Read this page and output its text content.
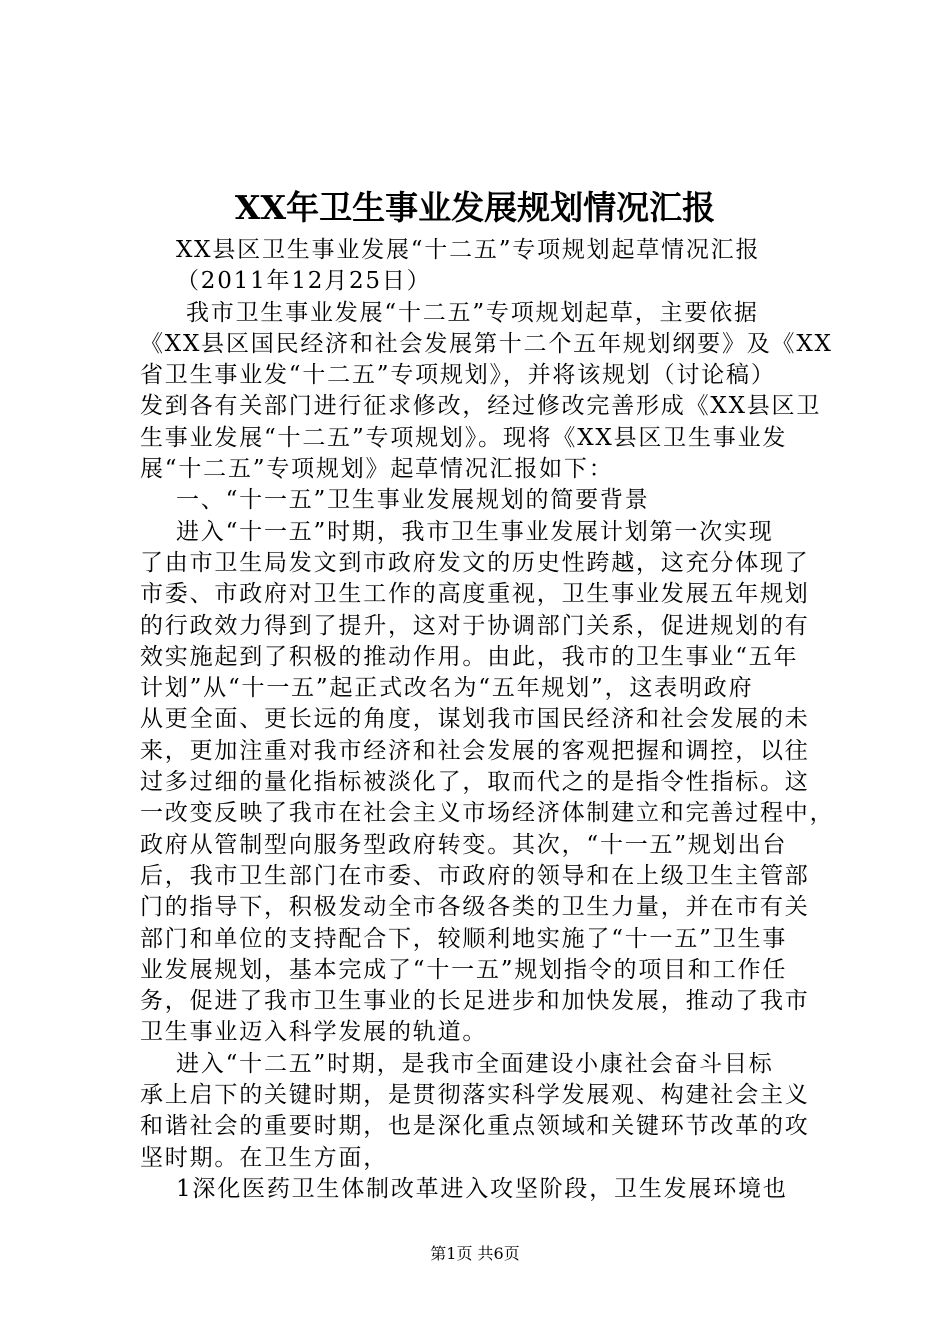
XX年卫生事业发展规划情况汇报
XX县区卫生事业发展“十二五”专项规划起草情况汇报
（2011年12月25日）
我市卫生事业发展“十二五”专项规划起草，主要依据
《XX县区国民经济和社会发展第十二个五年规划纲要》及《XX
省卫生事业发“十二五”专项规划》，并将该规划（讨论稿）
发到各有关部门进行征求修改，经过修改完善形成《XX县区卫
生事业发展“十二五”专项规划》。现将《XX县区卫生事业发
展“十二五”专项规划》起草情况汇报如下：
一、“十一五”卫生事业发展规划的简要背景
进入“十一五”时期，我市卫生事业发展计划第一次实现
了由市卫生局发文到市政府发文的历史性跨越，这充分体现了
市委、市政府对卫生工作的高度重视，卫生事业发展五年规划
的行政效力得到了提升，这对于协调部门关系，促进规划的有
效实施起到了积极的推动作用。由此，我市的卫生事业“五年
计划”从“十一五”起正式改名为“五年规划”，这表明政府
从更全面、更长远的角度，谋划我市国民经济和社会发展的未
来，更加注重对我市经济和社会发展的客观把握和调控，以往
过多过细的量化指标被淡化了，取而代之的是指令性指标。这
一改变反映了我市在社会主义市场经济体制建立和完善过程中，
政府从管制型向服务型政府转变。其次，“十一五”规划出台
后，我市卫生部门在市委、市政府的领导和在上级卫生主管部
门的指导下，积极发动全市各级各类的卫生力量，并在市有关
部门和单位的支持配合下，较顺利地实施了“十一五”卫生事
业发展规划，基本完成了“十一五”规划指令的项目和工作任
务，促进了我市卫生事业的长足进步和加快发展，推动了我市
卫生事业迈入科学发展的轨道。
进入“十二五”时期，是我市全面建设小康社会奋斗目标
承上启下的关键时期，是贯彻落实科学发展观、构建社会主义
和谐社会的重要时期，也是深化重点领域和关键环节改革的攻
坚时期。在卫生方面，
1深化医药卫生体制改革进入攻坚阶段，卫生发展环境也
第1页 共6页
